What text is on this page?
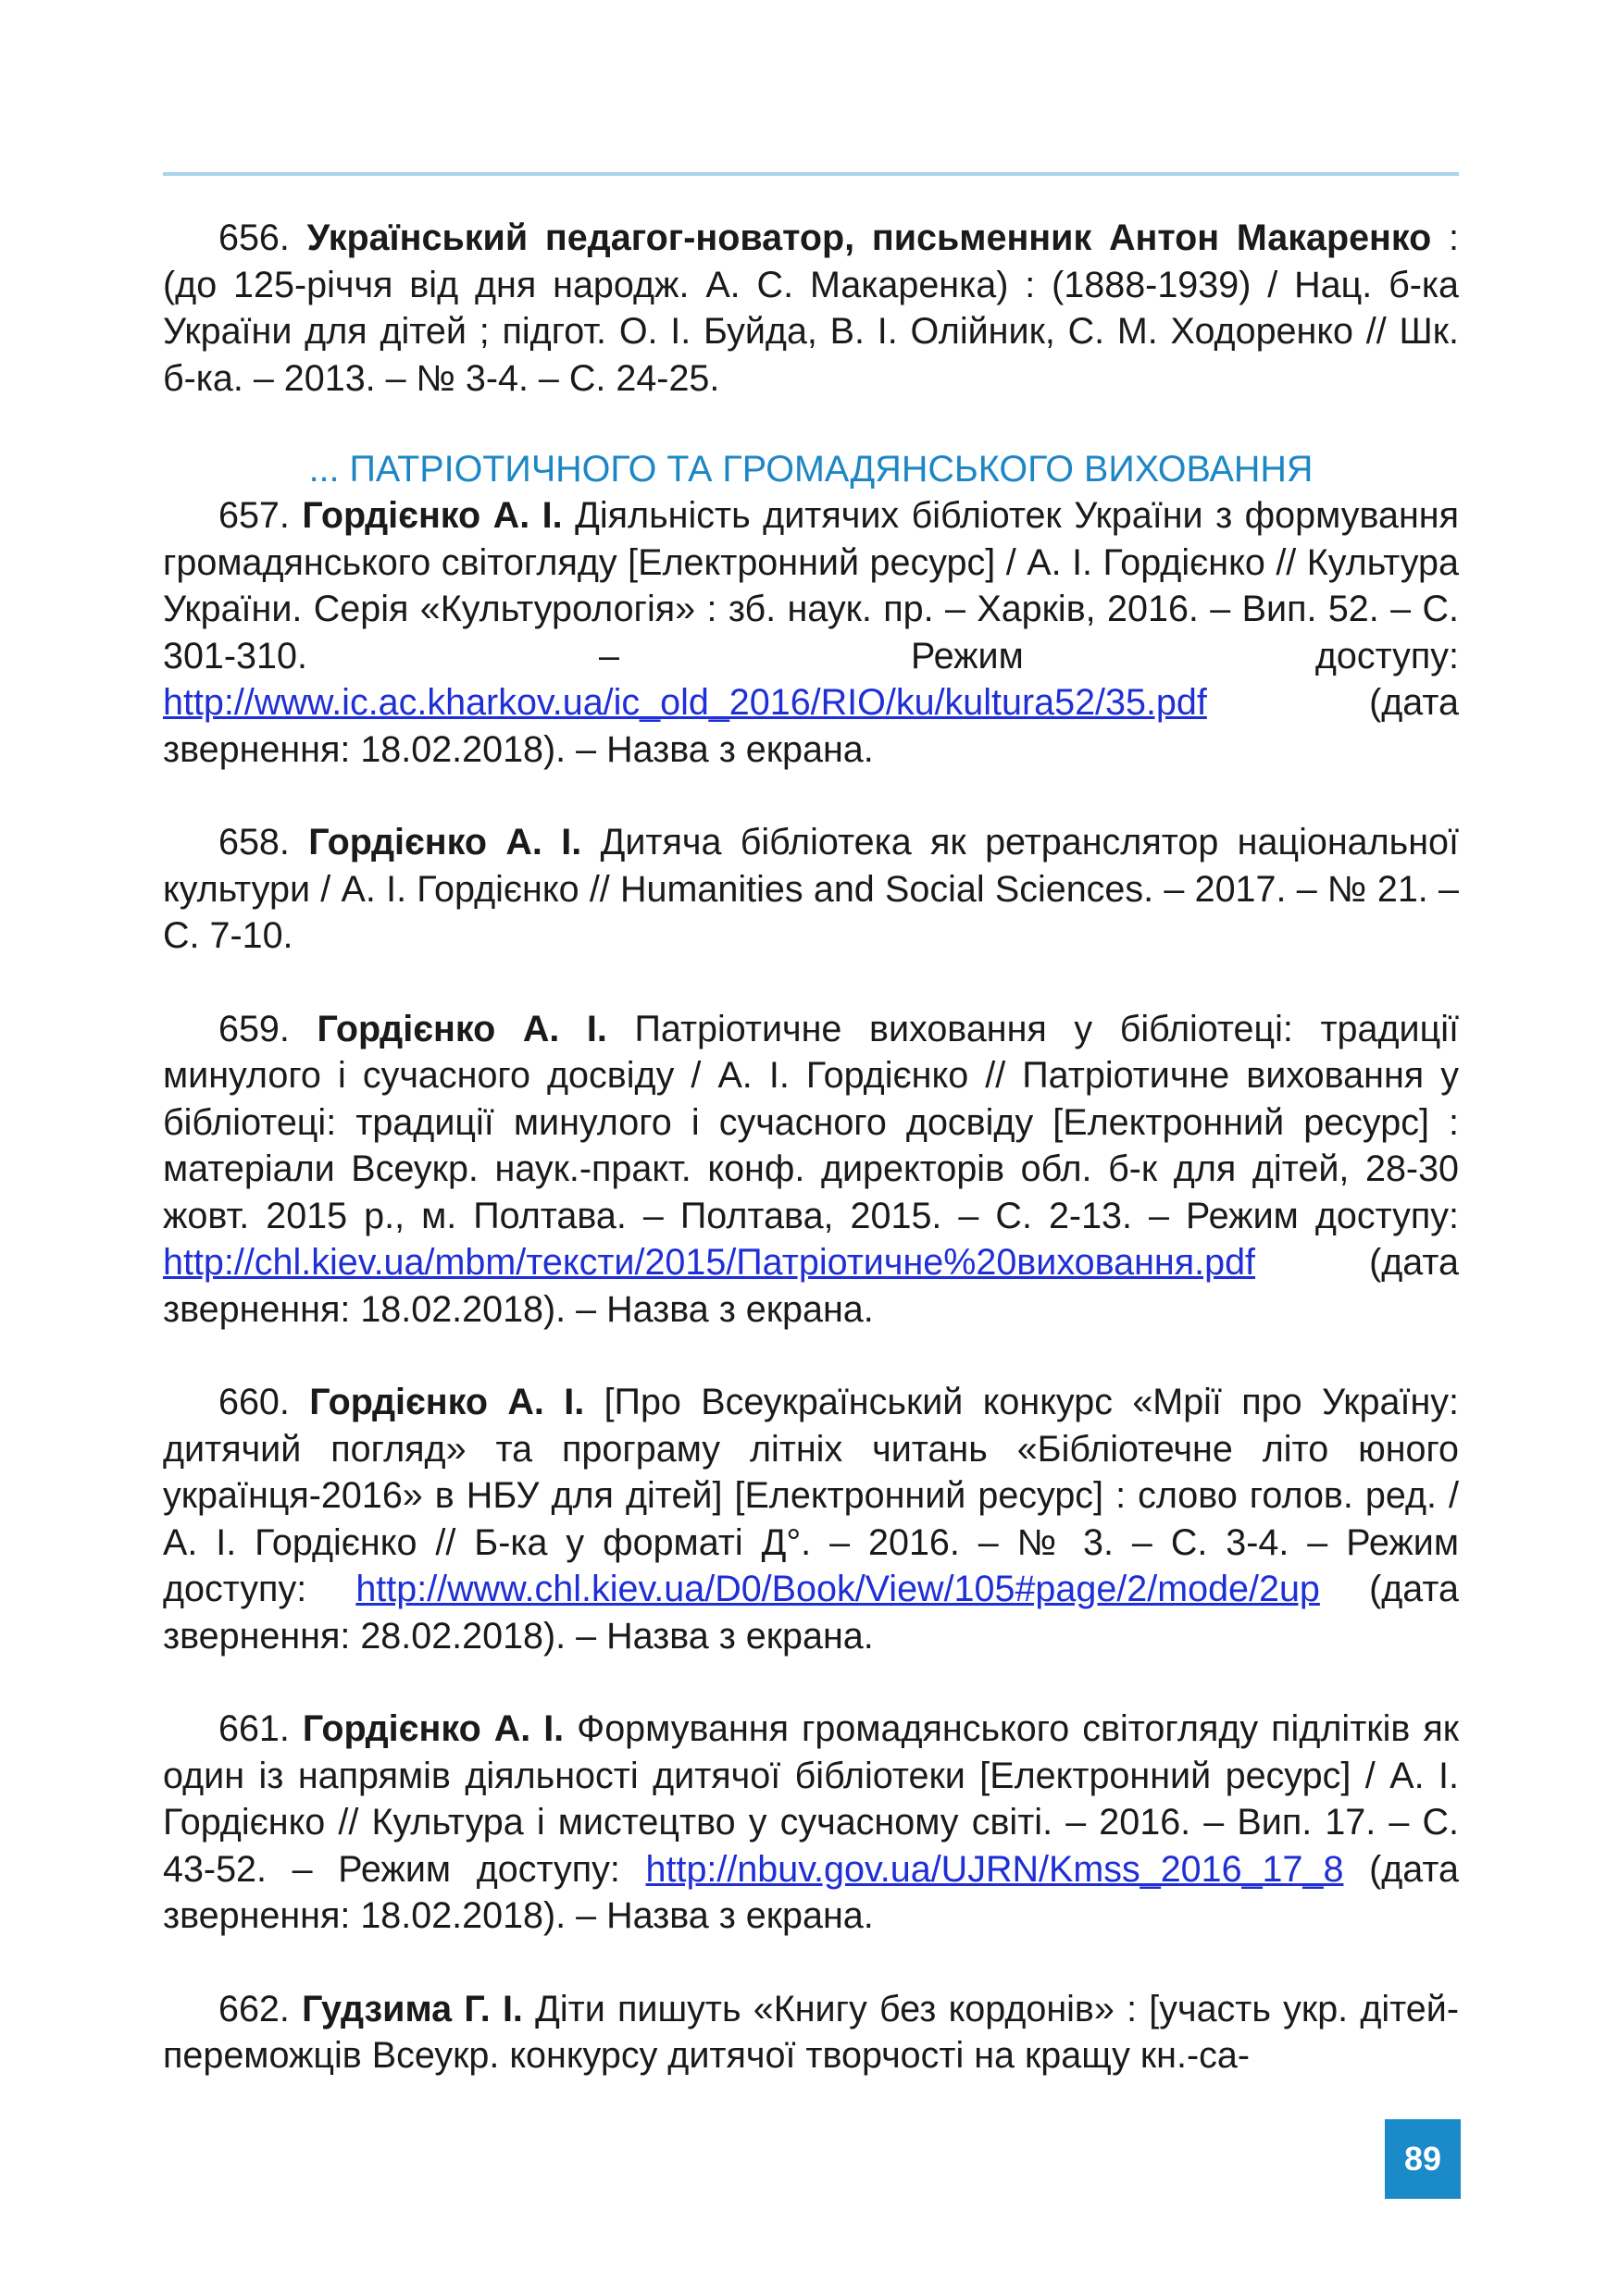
656. Український педагог-новатор, письменник Антон Макаренко : (до 125-річчя від дня народж. А. С. Макаренка) : (1888-1939) / Нац. б-ка України для дітей ; підгот. О. І. Буйда, В. І. Олійник, С. М. Ходоренко // Шк. б-ка. – 2013. – № 3-4. – С. 24-25.

... ПАТРІОТИЧНОГО ТА ГРОМАДЯНСЬКОГО ВИХОВАННЯ

657. Гордієнко А. І. Діяльність дитячих бібліотек України з формування громадянського світогляду [Електронний ресурс] / А. І. Гордієнко // Культура України. Серія «Культурологія» : зб. наук. пр. – Харків, 2016. – Вип. 52. – С. 301-310. – Режим доступу: http://www.ic.ac.kharkov.ua/ic_old_2016/RIO/ku/kultura52/35.pdf (дата звернення: 18.02.2018). – Назва з екрана.

658. Гордієнко А. І. Дитяча бібліотека як ретранслятор національної культури / А. І. Гордієнко // Humanities and Social Sciences. – 2017. – № 21. – С. 7-10.

659. Гордієнко А. І. Патріотичне виховання у бібліотеці: традиції минулого і сучасного досвіду / А. І. Гордієнко // Патріотичне виховання у бібліотеці: традиції минулого і сучасного досвіду [Електронний ресурс] : матеріали Всеукр. наук.-практ. конф. директорів обл. б-к для дітей, 28-30 жовт. 2015 р., м. Полтава. – Полтава, 2015. – С. 2-13. – Режим доступу: http://chl.kiev.ua/mbm/тексти/2015/Патріотичне%20виховання.pdf (дата звернення: 18.02.2018). – Назва з екрана.

660. Гордієнко А. І. [Про Всеукраїнський конкурс «Мрії про Україну: дитячий погляд» та програму літніх читань «Бібліотечне літо юного українця-2016» в НБУ для дітей] [Електронний ресурс] : слово голов. ред. / А. І. Гордієнко // Б-ка у форматі Д°. – 2016. – № 3. – С. 3-4. – Режим доступу: http://www.chl.kiev.ua/D0/Book/View/105#page/2/mode/2up (дата звернення: 28.02.2018). – Назва з екрана.

661. Гордієнко А. І. Формування громадянського світогляду підлітків як один із напрямів діяльності дитячої бібліотеки [Електронний ресурс] / А. І. Гордієнко // Культура і мистецтво у сучасному світі. – 2016. – Вип. 17. – С. 43-52. – Режим доступу: http://nbuv.gov.ua/UJRN/Kmss_2016_17_8 (дата звернення: 18.02.2018). – Назва з екрана.

662. Гудзима Г. І. Діти пишуть «Книгу без кордонів» : [участь укр. дітей-переможців Всеукр. конкурсу дитячої творчості на кращу кн.-са-

89
